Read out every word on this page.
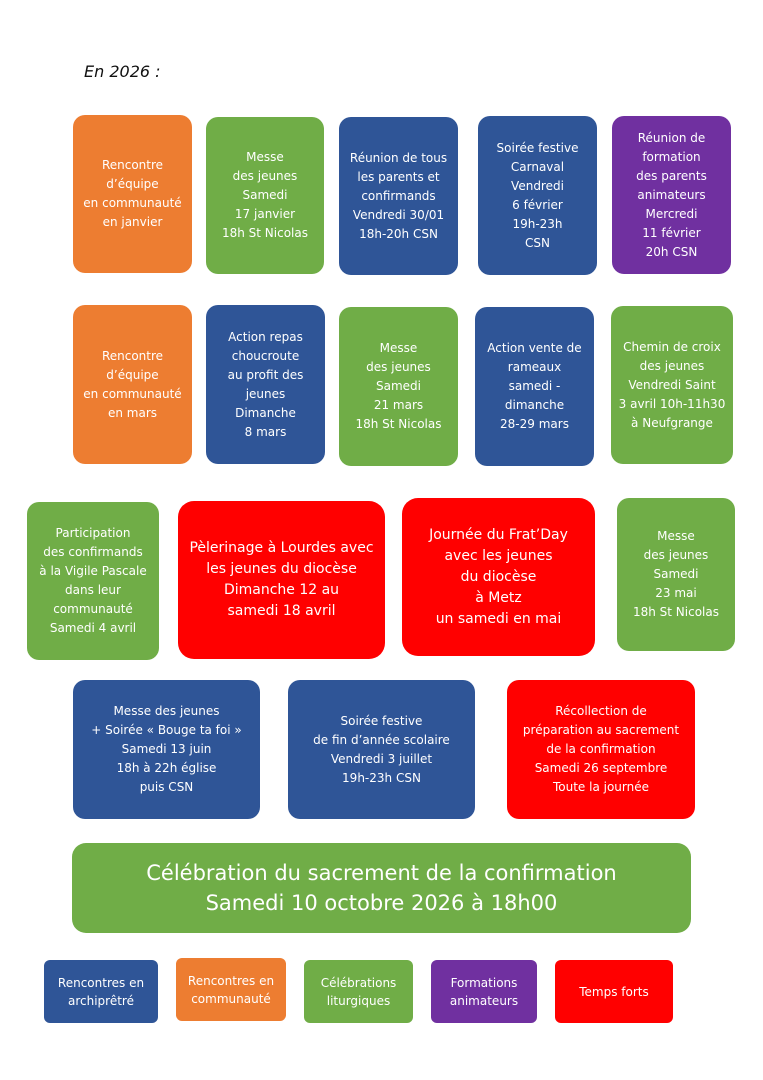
En 2026 :
Rencontre
d’équipe
en communauté
en janvier
Messe
des jeunes
Samedi
17 janvier
18h St Nicolas
Réunion de tous
les parents et
confirmands
Vendredi 30/01
18h-20h CSN
Soirée festive
Carnaval
Vendredi
6 février
19h-23h
CSN
Réunion de
formation
des parents
animateurs
Mercredi
11 février
20h CSN
Rencontre
d’équipe
en communauté
en mars
Action repas
choucroute
au profit des
jeunes
Dimanche
8 mars
Messe
des jeunes
Samedi
21 mars
18h St Nicolas
Action vente de
rameaux
samedi -
dimanche
28-29 mars
Chemin de croix
des jeunes
Vendredi Saint
3 avril 10h-11h30
à Neufgrange
Participation
des confirmands
à la Vigile Pascale
dans leur
communauté
Samedi 4 avril
Pèlerinage à Lourdes avec
les jeunes du diocèse
Dimanche 12 au
samedi 18 avril
Journée du Frat’Day
avec les jeunes
du diocèse
à Metz
un samedi en mai
Messe
des jeunes
Samedi
23 mai
18h St Nicolas
Messe des jeunes
+ Soirée « Bouge ta foi »
Samedi 13 juin
18h à 22h église
puis CSN
Soirée festive
de fin d’année scolaire
Vendredi 3 juillet
19h-23h CSN
Récollection de
préparation au sacrement
de la confirmation
Samedi 26 septembre
Toute la journée
Célébration du sacrement de la confirmation
Samedi 10 octobre 2026 à 18h00
Rencontres en
archiprêtré
Rencontres en
communauté
Célébrations
liturgiques
Formations
animateurs
Temps forts
